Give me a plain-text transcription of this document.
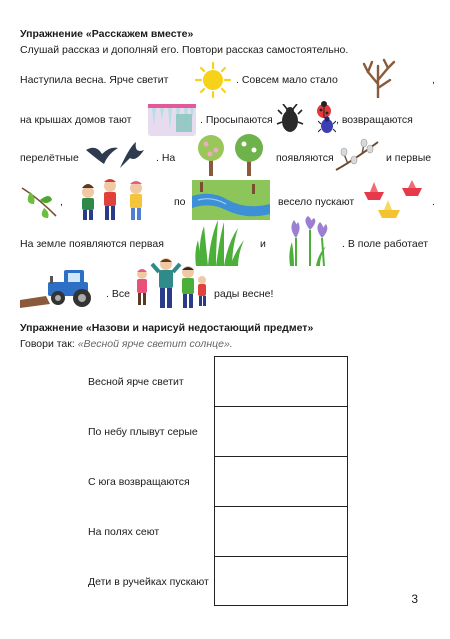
Упражнение «Расскажем вместе»
Слушай рассказ и дополняй его. Повтори рассказ самостоятельно.
Наступила весна. Ярче светит	. Совсем мало стало	,
на крышах домов тают	. Просыпаются	, возвращаются
перелётные	. На	появляются	и первые
,	по	весело пускают	.
На земле появляются первая	и	. В поле работает
. Все	рады весне!
Упражнение «Назови и нарисуй недостающий предмет»
Говори так: «Весной ярче светит солнце».
Весной ярче светит
По небу плывут серые
С юга возвращаются
На полях сеют
Дети в ручейках пускают
3
